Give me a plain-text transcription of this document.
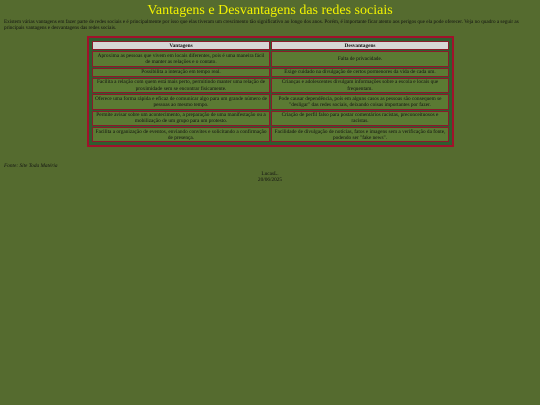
Vantagens e Desvantagens das redes sociais

Existem várias vantagens em fazer parte de redes sociais e é principalmente por isso que elas tiveram um crescimento tão significativo ao longo dos anos. Porém, é importante ficar atento aos perigos que ela pode oferecer. Veja no quadro a seguir as principais vantagens e desvantagens das redes sociais.

Vantagens	Desvantagens
Aproxima as pessoas que vivem em locais diferentes, pois é uma maneira fácil de manter as relações e o contato.	Falta de privacidade.
Possibilita a interação em tempo real.	Exige cuidado na divulgação de certos pormenores da vida de cada um.
Facilita a relação com quem está mais perto, permitindo manter uma relação de proximidade sem se encontrar fisicamente.	Crianças e adolescentes divulgam informações sobre a escola e locais que frequentam.
Oferece uma forma rápida e eficaz de comunicar algo para um grande número de pessoas ao mesmo tempo.	Pode causar dependência, pois em alguns casos as pessoas são consequem se "desligar" das redes sociais, deixando coisas importantes por fazer.
Permite avisar sobre um acontecimento, a preparação de uma manifestação ou a mobilização de um grupo para um protesto.	Criação de perfil falso para postar comentários racistas, preconceituosos e racistas.
Facilita a organização de eventos, enviando convites e solicitando a confirmação de presença.	Facilidade de divulgação de notícias, fatos e imagens sem a verificação da fonte, podendo ser "fake news".
Fonte: Site Toda Matéria
LucasL.
20/06/2025
